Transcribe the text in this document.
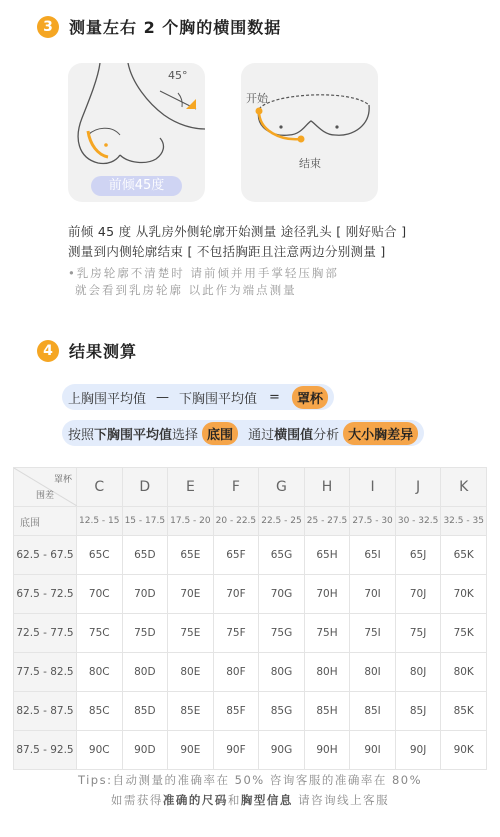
3	测量左右 2 个胸的横围数据
45°
前倾45度
开始
结束
前倾 45 度 从乳房外侧轮廓开始测量 途径乳头 [ 刚好贴合 ]
测量到内侧轮廓结束 [ 不包括胸距且注意两边分别测量 ]
•乳房轮廓不清楚时 请前倾并用手掌轻压胸部
就会看到乳房轮廓 以此作为端点测量
4	结果测算
上胸围平均值 — 下胸围平均值 =	罩杯
按照 下胸围平均值 选择 底围	通过 横围值 分析 大小胸差异
罩杯
围差	C	D	E	F	G	H	I	J	K
底围	12.5 - 15	15 - 17.5	17.5 - 20	20 - 22.5	22.5 - 25	25 - 27.5	27.5 - 30	30 - 32.5	32.5 - 35
62.5 - 67.5	65C	65D	65E	65F	65G	65H	65I	65J	65K
67.5 - 72.5	70C	70D	70E	70F	70G	70H	70I	70J	70K
72.5 - 77.5	75C	75D	75E	75F	75G	75H	75I	75J	75K
77.5 - 82.5	80C	80D	80E	80F	80G	80H	80I	80J	80K
82.5 - 87.5	85C	85D	85E	85F	85G	85H	85I	85J	85K
87.5 - 92.5	90C	90D	90E	90F	90G	90H	90I	90J	90K
Tips:自动测量的准确率在 50% 咨询客服的准确率在 80%
如需获得准确的尺码和胸型信息 请咨询线上客服
